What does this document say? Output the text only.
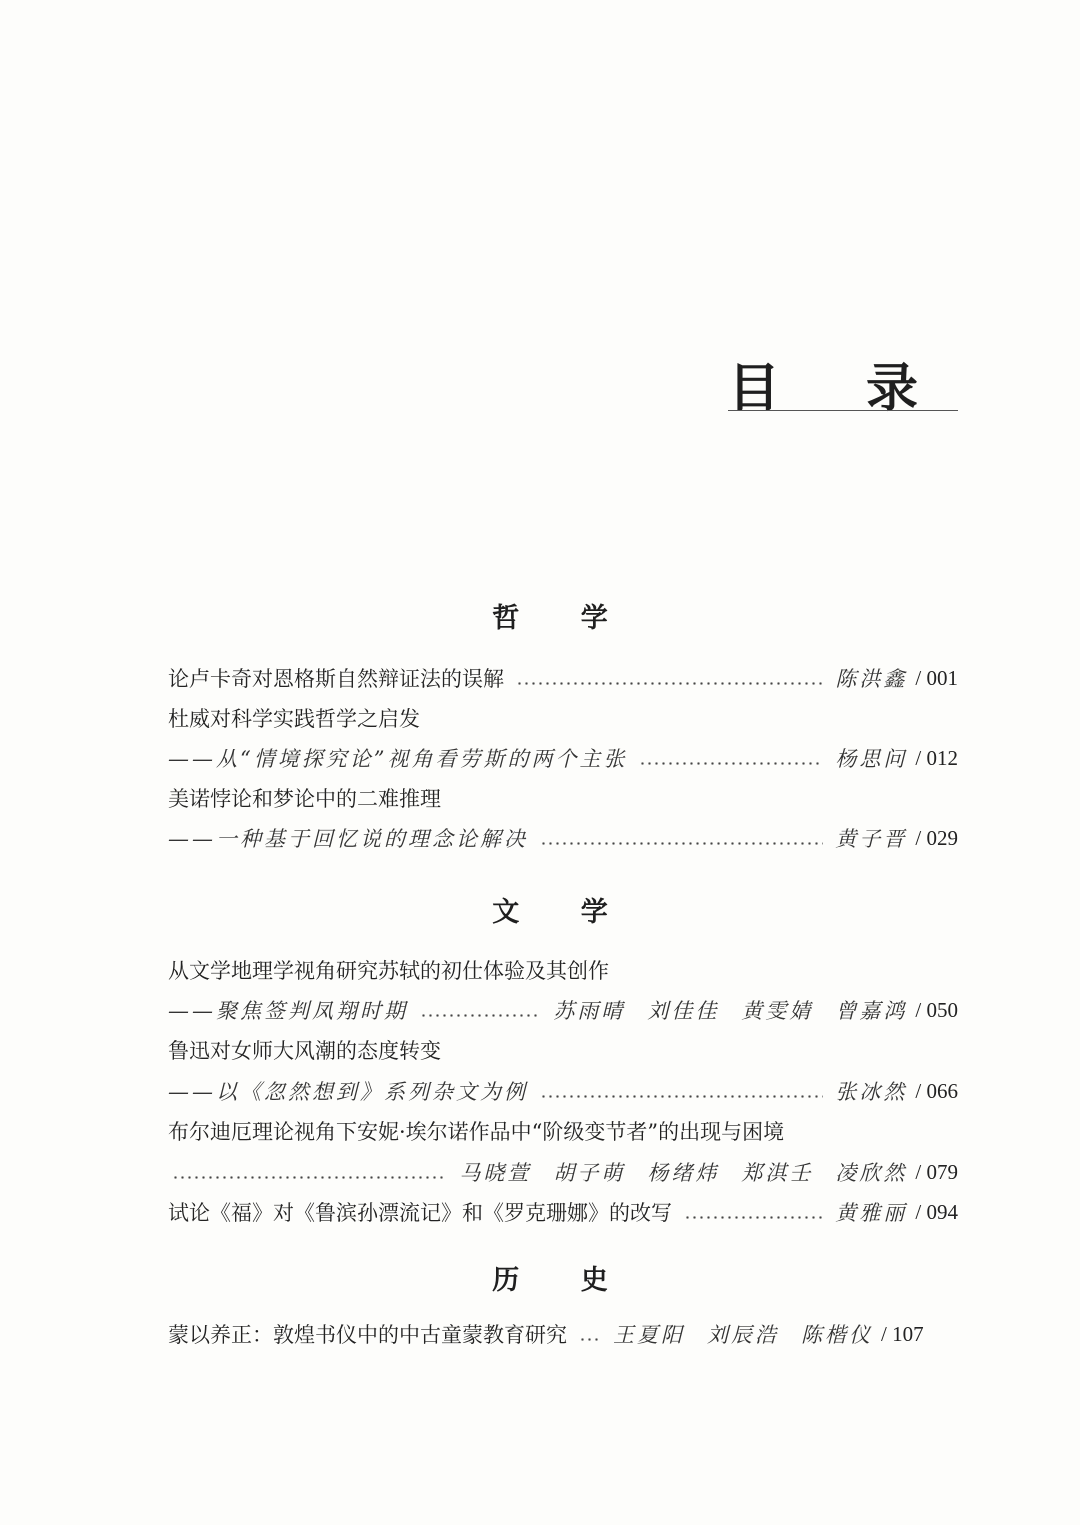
目 录
哲 学
论卢卡奇对恩格斯自然辩证法的误解	陈洪鑫 / 001
杜威对科学实践哲学之启发
——从“情境探究论”视角看劳斯的两个主张	杨思问 / 012
美诺悖论和梦论中的二难推理
——一种基于回忆说的理念论解决	黄子晋 / 029
文 学
从文学地理学视角研究苏轼的初仕体验及其创作
——聚焦签判凤翔时期	苏雨晴 刘佳佳 黄雯婧 曾嘉鸿 / 050
鲁迅对女师大风潮的态度转变
——以《忽然想到》系列杂文为例	张冰然 / 066
布尔迪厄理论视角下安妮·埃尔诺作品中“阶级变节者”的出现与困境
马晓萱 胡子萌 杨绪炜 郑淇壬 凌欣然 / 079
试论《福》对《鲁滨孙漂流记》和《罗克珊娜》的改写	黄雅丽 / 094
历 史
蒙以养正：敦煌书仪中的中古童蒙教育研究 王夏阳 刘辰浩 陈楷仪 / 107
